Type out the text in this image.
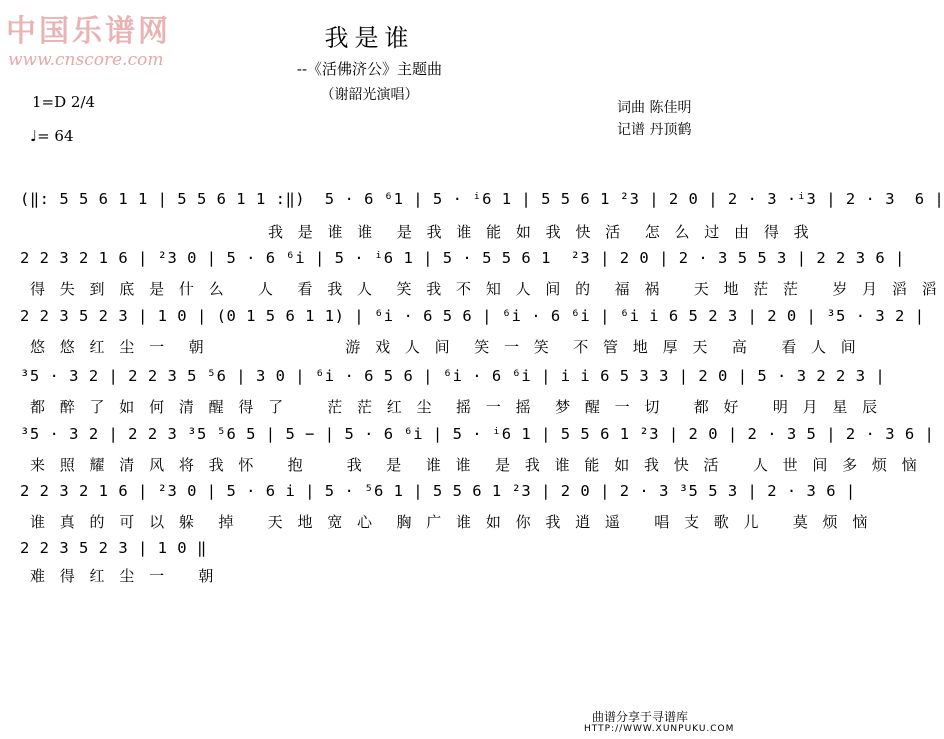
中国乐谱网
www.cnscore.com
我是谁
--《活佛济公》主题曲
（谢韶光演唱）
1=D 2/4
♩= 64
词曲 陈佳明
记谱 丹顶鹤
(‖: 5 5 6 1 1 | 5 5 6 1 1 :‖)  5 · 6 ⁶1 | 5 · ⁱ6 1 | 5 5 6 1 ²3 | 2 0 | 2 · 3 ·ⁱ3 | 2 · 3  6 |
我 是 谁 谁  是 我 谁 能 如 我 快 活  怎 么 过 由 得 我
2 2 3 2 1 6 | ²3 0 | 5 · 6 ⁶i | 5 · ⁱ6 1 | 5 · 5 5 6 1  ²3 | 2 0 | 2 · 3 5 5 3 | 2 2 3 6 |
得 失 到 底 是 什 么   人  看 我 人  笑 我 不 知 人 间 的  福 祸   天 地 茫 茫   岁 月 滔 滔
2 2 3 5 2 3 | 1 0 | (0 1 5 6 1 1) | ⁶i · 6 5 6 | ⁶i · 6 ⁶i | ⁶i i 6 5 2 3 | 2 0 | ³5 · 3 2 |
悠 悠 红 尘 一  朝              游 戏 人 间  笑 一 笑  不 管 地 厚 天  高   看 人 间
³5 · 3 2 | 2 2 3 5 ⁵6 | 3 0 | ⁶i · 6 5 6 | ⁶i · 6 ⁶i | i i 6 5 3 3 | 2 0 | 5 · 3 2 2 3 |
都 醉 了 如 何 清 醒 得 了    茫 茫 红 尘  摇 一 摇  梦 醒 一 切   都 好   明 月 星 辰
³5 · 3 2 | 2 2 3 ³5 ⁵6 5 | 5 − | 5 · 6 ⁶i | 5 · ⁱ6 1 | 5 5 6 1 ²3 | 2 0 | 2 · 3 5 | 2 · 3 6 |
来 照 耀 清 风 将 我 怀   抱    我  是  谁 谁  是 我 谁 能 如 我 快 活   人 世 间 多 烦 恼
2 2 3 2 1 6 | ²3 0 | 5 · 6 i | 5 · ⁵6 1 | 5 5 6 1 ²3 | 2 0 | 2 · 3 ³5 5 3 | 2 · 3 6 |
谁 真 的 可 以 躲  掉   天 地 宽 心  胸 广 谁 如 你 我 逍 遥   唱 支 歌 儿   莫 烦 恼
2 2 3 5 2 3 | 1 0 ‖
难 得 红 尘 一   朝
曲谱分享于寻谱库
HTTP://WWW.XUNPUKU.COM
